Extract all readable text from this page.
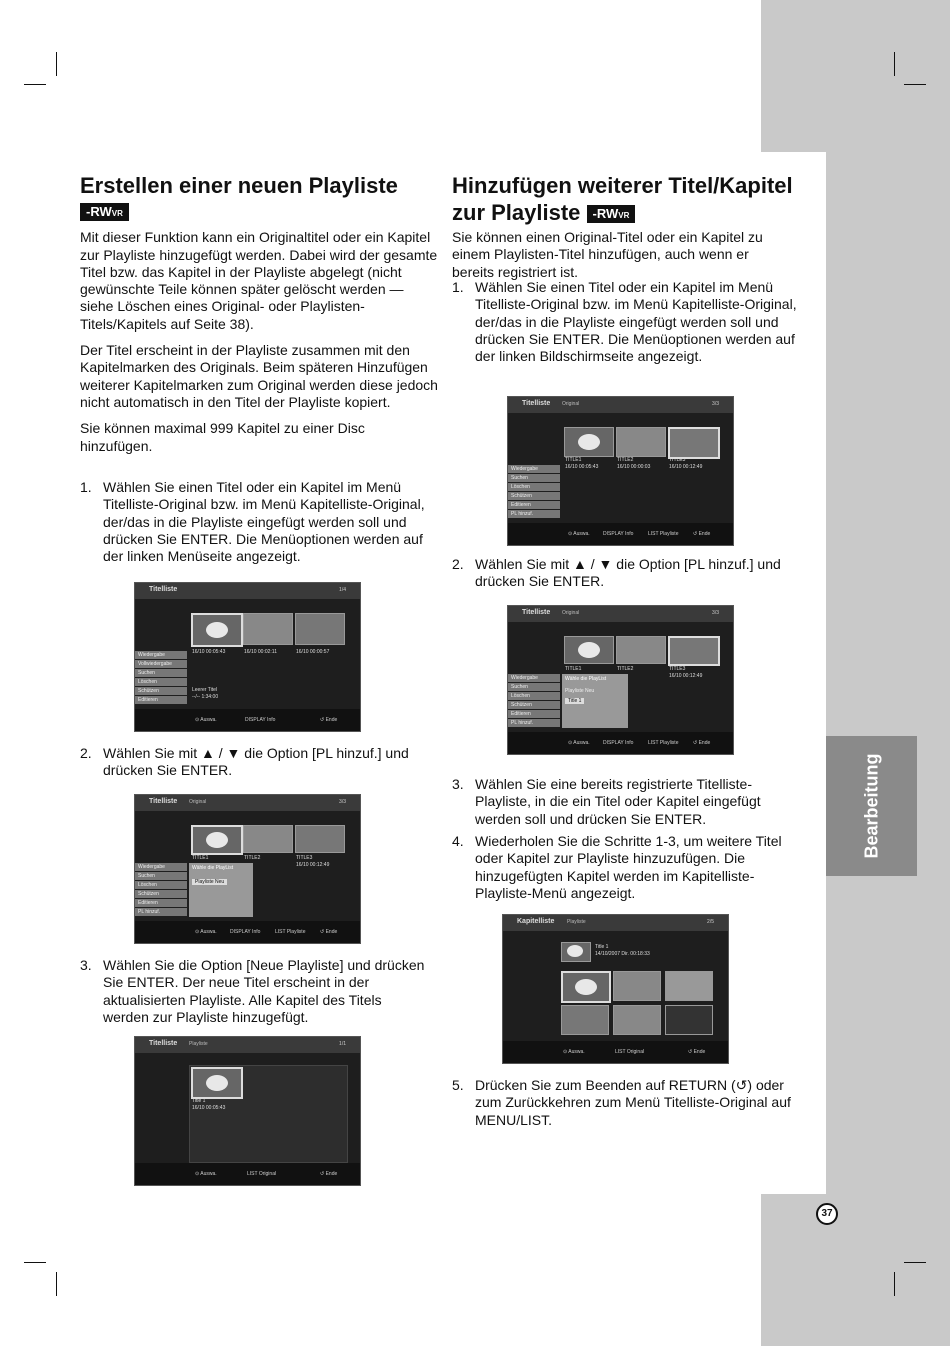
Bearbeitung
37
Erstellen einer neuen Playliste
-RWVR

Mit dieser Funktion kann ein Originaltitel oder ein Kapitel zur Playliste hinzugefügt werden. Dabei wird der gesamte Titel bzw. das Kapitel in der Playliste abgelegt (nicht gewünschte Teile können später gelöscht werden — siehe Löschen eines Original- oder Playlisten-Titels/Kapitels auf Seite 38).

Der Titel erscheint in der Playliste zusammen mit den Kapitelmarken des Originals. Beim späteren Hinzufügen weiterer Kapitelmarken zum Original werden diese jedoch nicht automatisch in den Titel der Playliste kopiert.

Sie können maximal 999 Kapitel zu einer Disc hinzufügen.

1. Wählen Sie einen Titel oder ein Kapitel im Menü Titelliste-Original bzw. im Menü Kapitelliste-Original, der/das in die Playliste eingefügt werden soll und drücken Sie ENTER. Die Menüoptionen werden auf der linken Menüseite angezeigt.
2. Wählen Sie mit ▲ / ▼ die Option [PL hinzuf.] und drücken Sie ENTER.
3. Wählen Sie die Option [Neue Playliste] und drücken Sie ENTER. Der neue Titel erscheint in der aktualisierten Playliste. Alle Kapitel des Titels werden zur Playliste hinzugefügt.
Hinzufügen weiterer Titel/Kapitel
zur Playliste -RWVR

Sie können einen Original-Titel oder ein Kapitel zu einem Playlisten-Titel hinzufügen, auch wenn er bereits registriert ist.

1. Wählen Sie einen Titel oder ein Kapitel im Menü Titelliste-Original bzw. im Menü Kapitelliste-Original, der/das in die Playliste eingefügt werden soll und drücken Sie ENTER. Die Menüoptionen werden auf der linken Bildschirmseite angezeigt.
2. Wählen Sie mit ▲ / ▼ die Option [PL hinzuf.] und drücken Sie ENTER.
3. Wählen Sie eine bereits registrierte Titelliste-Playliste, in die ein Titel oder Kapitel eingefügt werden soll und drücken Sie ENTER.
4. Wiederholen Sie die Schritte 1-3, um weitere Titel oder Kapitel zur Playliste hinzuzufügen. Die hinzugefügten Kapitel werden im Kapitelliste-Playliste-Menü angezeigt.
5. Drücken Sie zum Beenden auf RETURN (↺) oder zum Zurückkehren zum Menü Titelliste-Original auf MENU/LIST.
Titelliste	1/4
Wiedergabe
Vollwiedergabe
Suchen
Löschen
Schützen
Editieren
16/10 00:05:43	16/10 00:02:11	16/10 00:00:57
Leerer Titel
--/-- 1:34:00
⊙ Auswa.	DISPLAY Info	↺ Ende
Titelliste Original	3/3
Wiedergabe
Suchen
Löschen
Schützen
Editieren
PL hinzuf.
TITLE1	TITLE2	TITLE3
16/10 00:12:49
Wähle die PlayList
Playliste Neu
⊙ Auswa.	DISPLAY Info	LIST Playliste	↺ Ende
Titelliste Playliste	1/1
Title 1
16/10 00:05:43
⊙ Auswa.	LIST Original	↺ Ende
Titelliste Original	3/3
Wiedergabe
Suchen
Löschen
Schützen
Editieren
PL hinzuf.
TITLE1
16/10 00:05:43
TITLE2
16/10 00:00:03
TITLE3
16/10 00:12:49
⊙ Auswa.	DISPLAY Info	LIST Playliste	↺ Ende
Titelliste Original	3/3
Wiedergabe
Suchen
Löschen
Schützen
Editieren
PL hinzuf.
TITLE1	TITLE2	TITLE3
16/10 00:12:49
Wähle die PlayList
Playliste Neu
Title 1
⊙ Auswa.	DISPLAY Info	LIST Playliste	↺ Ende
Kapitelliste	Playliste	2/5
Title 1
14/10/2007 Dir. 00:18:33
⊙ Auswa.	LIST Original	↺ Ende
